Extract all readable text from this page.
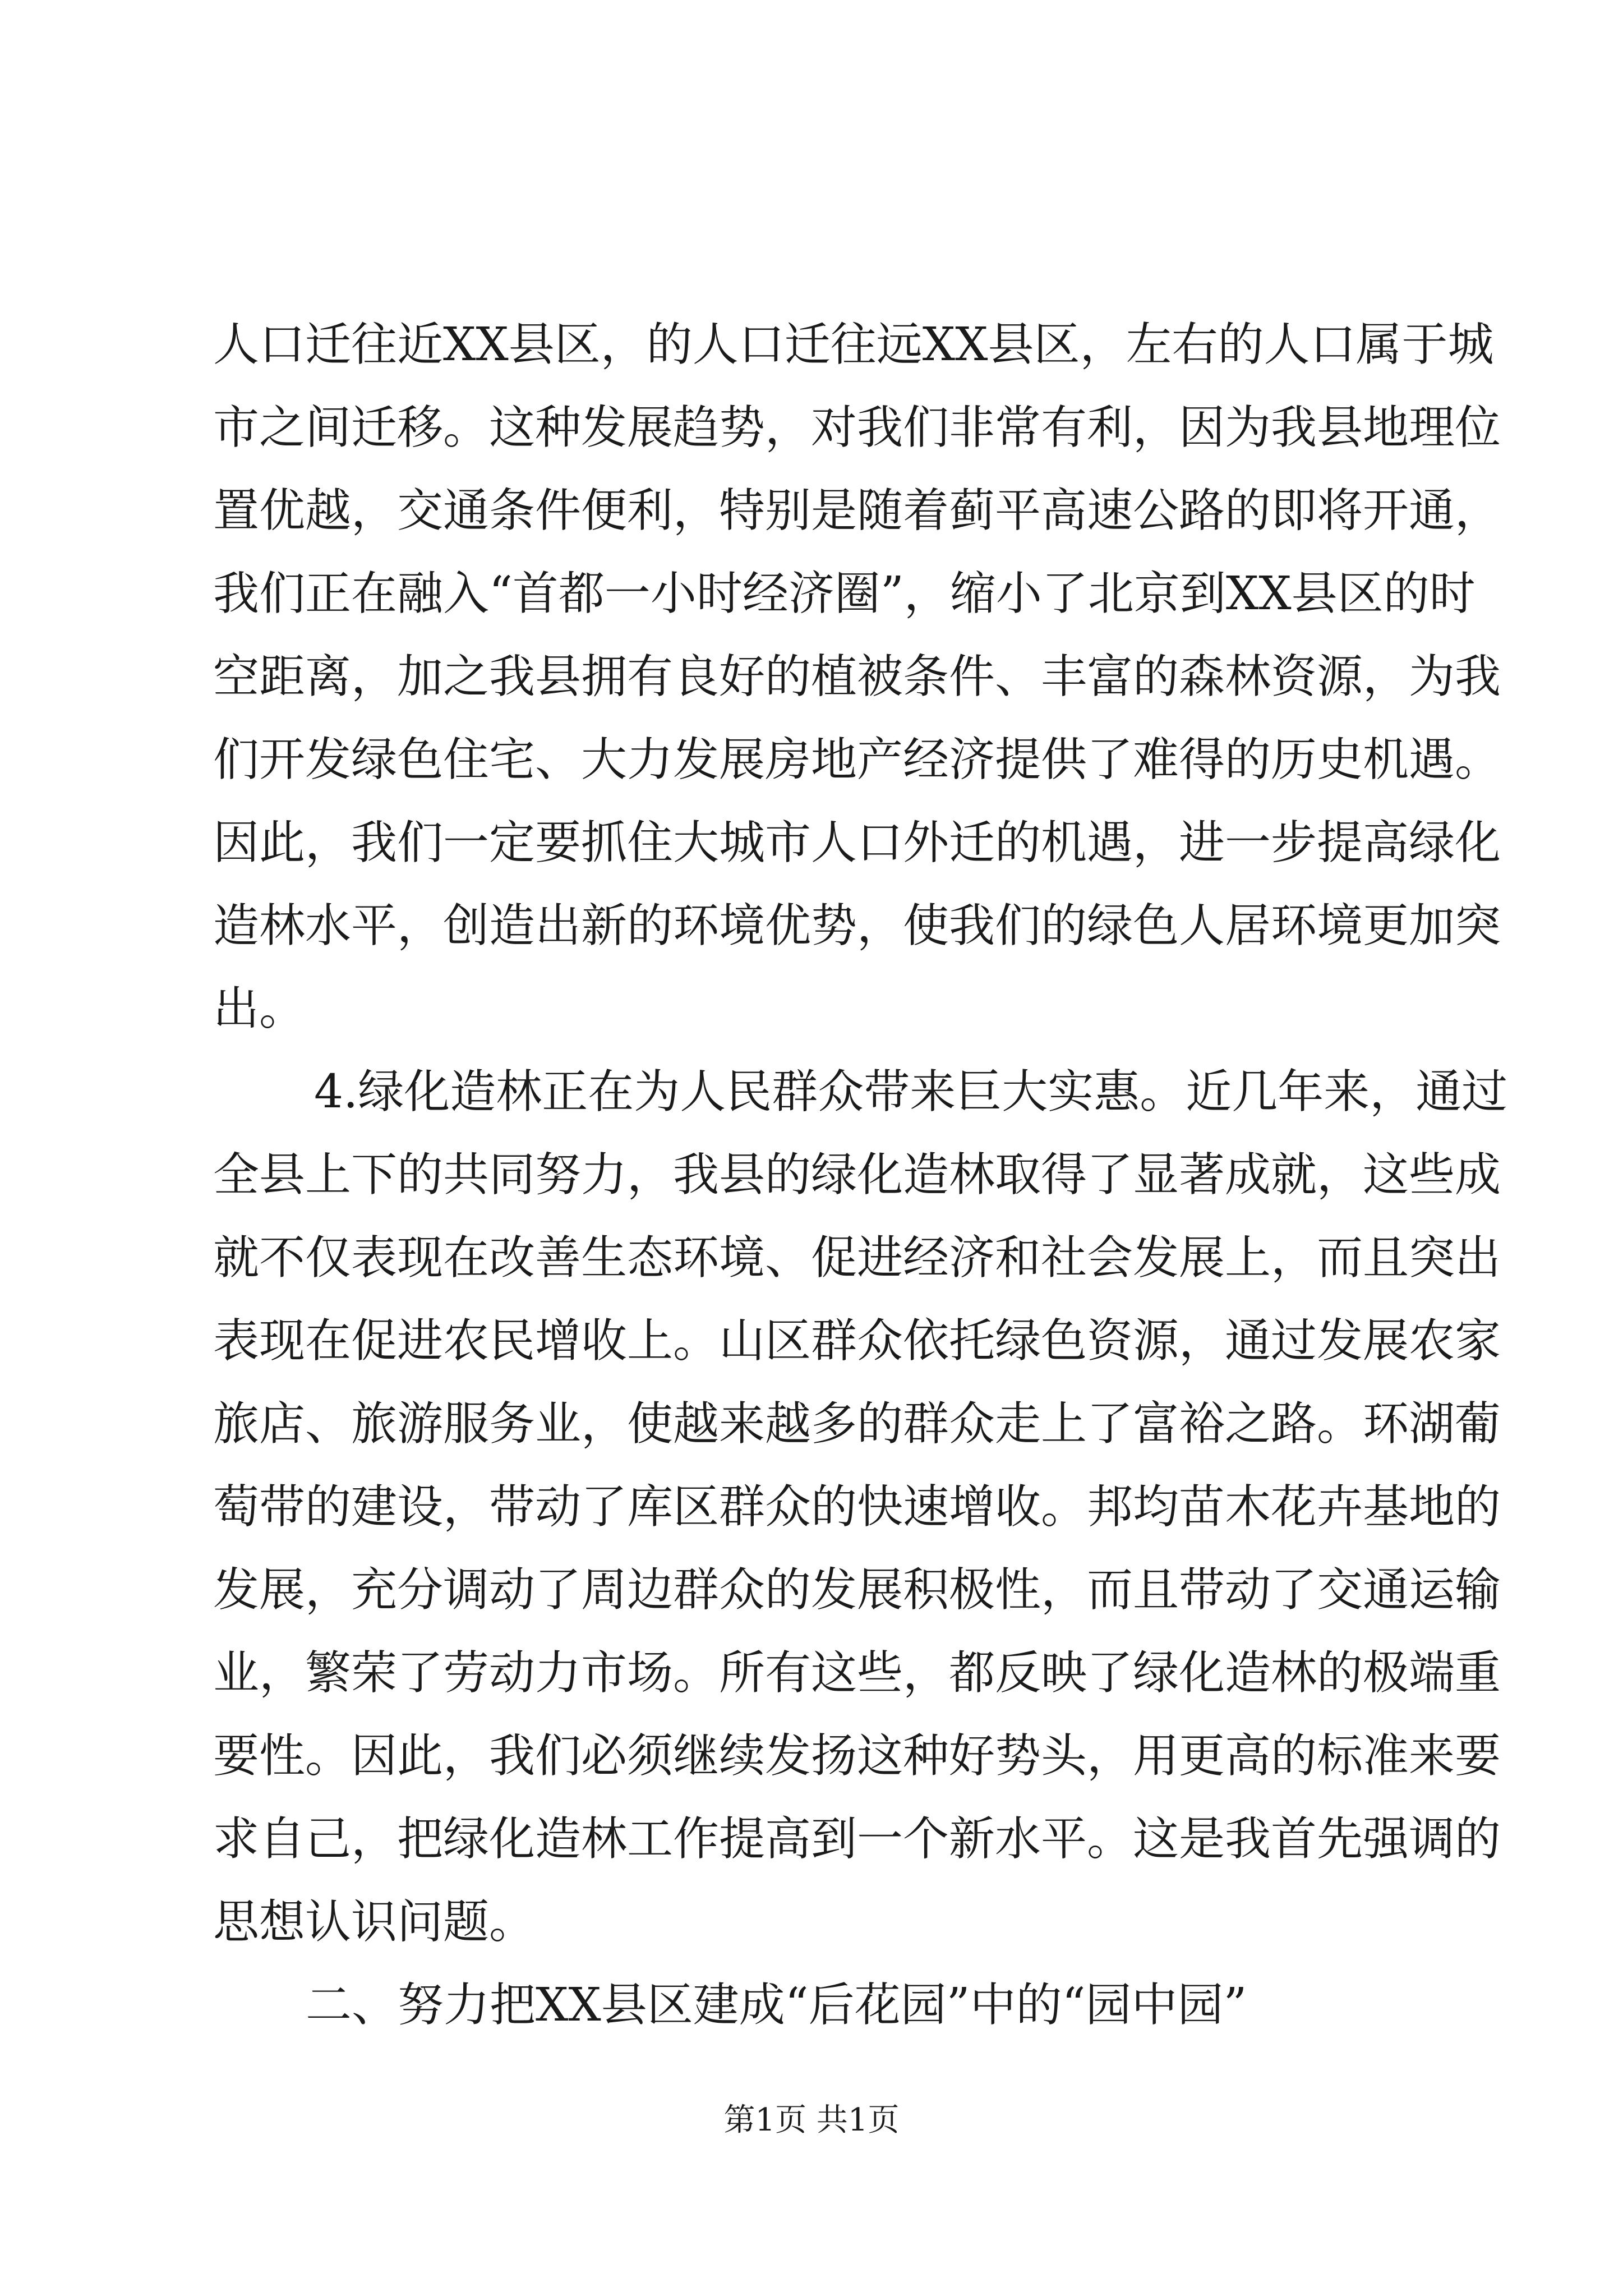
人口迁往近XX县区，的人口迁往远XX县区，左右的人口属于城
市之间迁移。这种发展趋势，对我们非常有利，因为我县地理位
置优越，交通条件便利，特别是随着蓟平高速公路的即将开通，
我们正在融入“首都一小时经济圈”，缩小了北京到XX县区的时
空距离，加之我县拥有良好的植被条件、丰富的森林资源，为我
们开发绿色住宅、大力发展房地产经济提供了难得的历史机遇。
因此，我们一定要抓住大城市人口外迁的机遇，进一步提高绿化
造林水平，创造出新的环境优势，使我们的绿色人居环境更加突
出。
4.绿化造林正在为人民群众带来巨大实惠。近几年来，通过
全县上下的共同努力，我县的绿化造林取得了显著成就，这些成
就不仅表现在改善生态环境、促进经济和社会发展上，而且突出
表现在促进农民增收上。山区群众依托绿色资源，通过发展农家
旅店、旅游服务业，使越来越多的群众走上了富裕之路。环湖葡
萄带的建设，带动了库区群众的快速增收。邦均苗木花卉基地的
发展，充分调动了周边群众的发展积极性，而且带动了交通运输
业，繁荣了劳动力市场。所有这些，都反映了绿化造林的极端重
要性。因此，我们必须继续发扬这种好势头，用更高的标准来要
求自己，把绿化造林工作提高到一个新水平。这是我首先强调的
思想认识问题。
二、努力把XX县区建成“后花园”中的“园中园”
第1页 共1页
